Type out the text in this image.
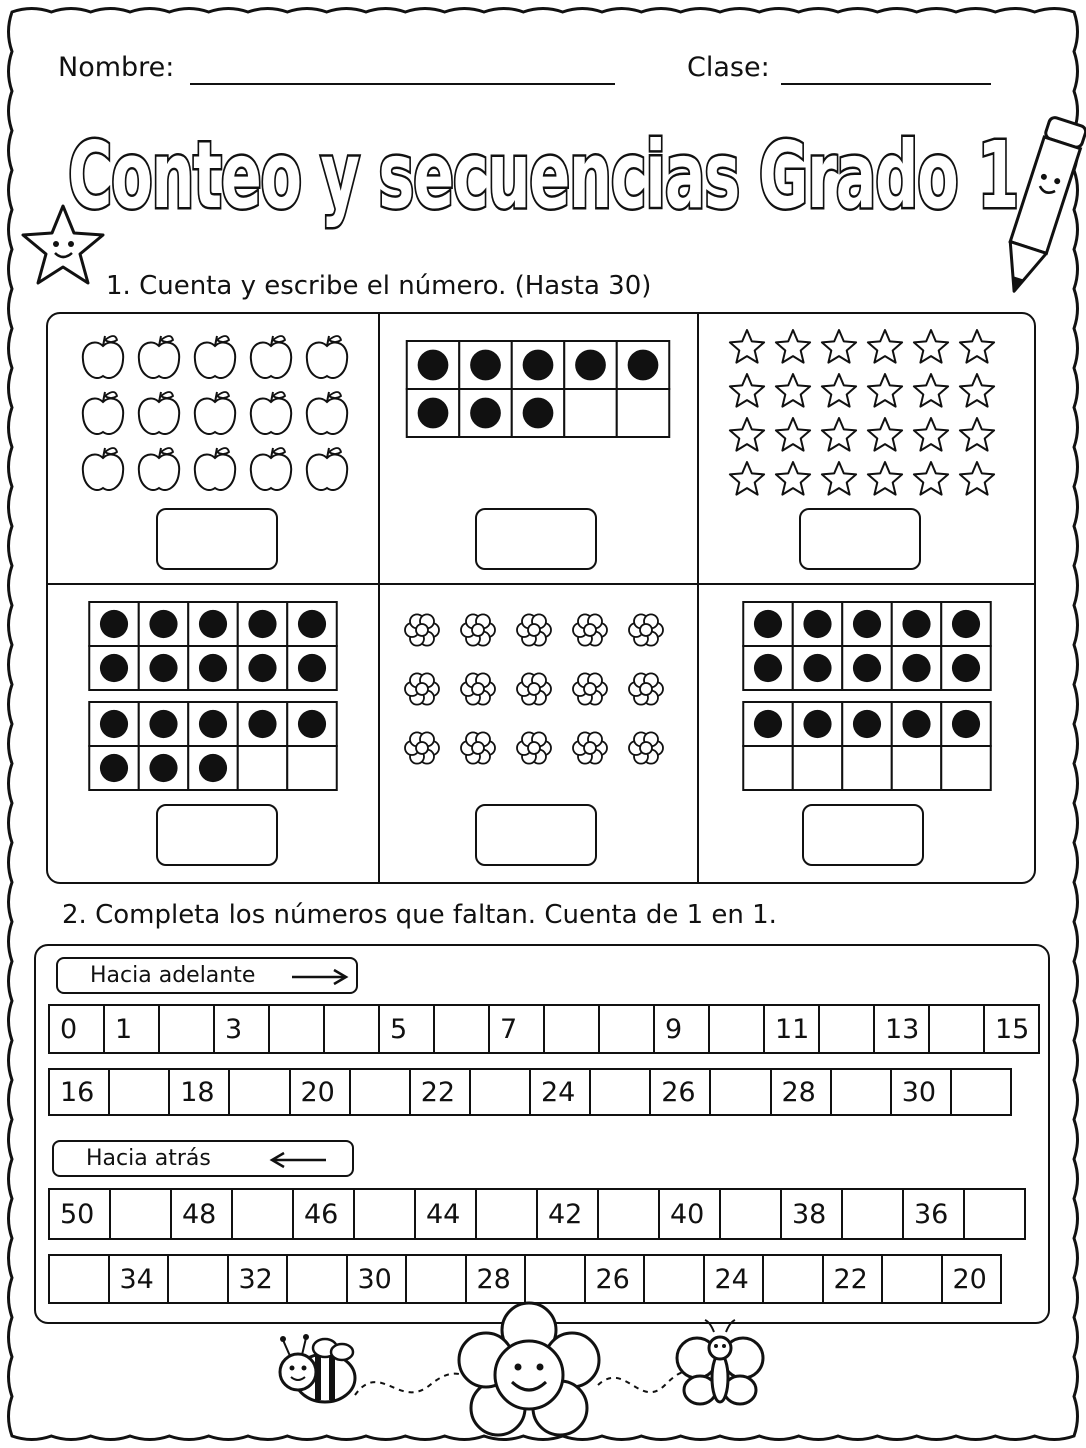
Nombre:	Clase:
Conteo y secuencias Grado 1
1. Cuenta y escribe el número. (Hasta 30)
2. Completa los números que faltan. Cuenta de 1 en 1.
Hacia adelante
Hacia atrás
0	1	3	5	7	9	11	13	15
16	18	20	22	24	26	28	30
50	48	46	44	42	40	38	36
34	32	30	28	26	24	22	20
